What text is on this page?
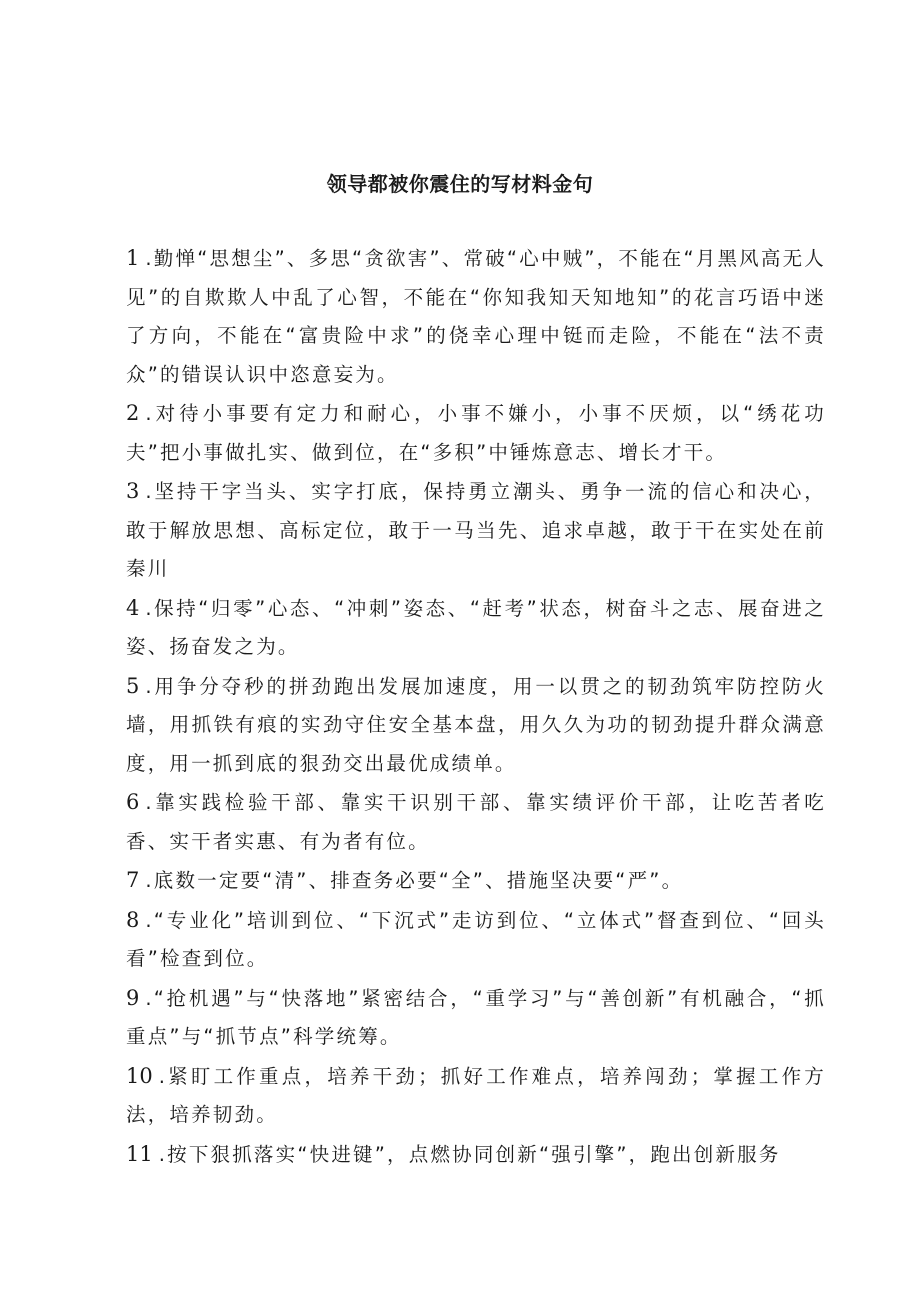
领导都被你震住的写材料金句
1 .勤惮“思想尘”、多思“贪欲害”、常破“心中贼”，不能在“月黑风高无人见”的自欺欺人中乱了心智，不能在“你知我知天知地知”的花言巧语中迷了方向，不能在“富贵险中求”的侥幸心理中铤而走险，不能在“法不责众”的错误认识中恣意妄为。
2 .对待小事要有定力和耐心，小事不嫌小，小事不厌烦，以“绣花功夫”把小事做扎实、做到位，在“多积”中锤炼意志、增长才干。
3 .坚持干字当头、实字打底，保持勇立潮头、勇争一流的信心和决心，敢于解放思想、高标定位，敢于一马当先、追求卓越，敢于干在实处在前秦川
4 .保持“归零”心态、“冲刺”姿态、“赶考”状态，树奋斗之志、展奋进之姿、扬奋发之为。
5 .用争分夺秒的拼劲跑出发展加速度，用一以贯之的韧劲筑牢防控防火墙，用抓铁有痕的实劲守住安全基本盘，用久久为功的韧劲提升群众满意度，用一抓到底的狠劲交出最优成绩单。
6 .靠实践检验干部、靠实干识别干部、靠实绩评价干部，让吃苦者吃香、实干者实惠、有为者有位。
7 .底数一定要“清”、排查务必要“全”、措施坚决要“严”。
8 .“专业化”培训到位、“下沉式”走访到位、“立体式”督查到位、“回头看”检查到位。
9 .“抢机遇”与“快落地”紧密结合，“重学习”与“善创新”有机融合，“抓重点”与“抓节点”科学统筹。
10 .紧盯工作重点，培养干劲；抓好工作难点，培养闯劲；掌握工作方法，培养韧劲。
11 .按下狠抓落实“快进键”，点燃协同创新“强引擎”，跑出创新服务
